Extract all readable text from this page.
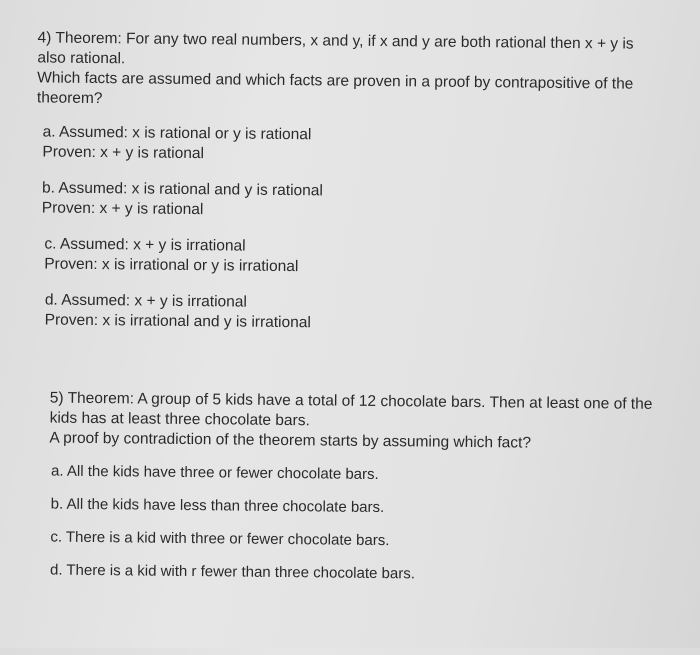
4) Theorem: For any two real numbers, x and y, if x and y are both rational then x + y is

also rational.

Which facts are assumed and which facts are proven in a proof by contrapositive of the

theorem?

a. Assumed: x is rational or y is rational

Proven: x + y is rational

b. Assumed: x is rational and y is rational

Proven: x + y is rational

c. Assumed: x + y is irrational

Proven: x is irrational or y is irrational

d. Assumed: x + y is irrational

Proven: x is irrational and y is irrational

5) Theorem: A group of 5 kids have a total of 12 chocolate bars. Then at least one of the

kids has at least three chocolate bars.

A proof by contradiction of the theorem starts by assuming which fact?

a. All the kids have three or fewer chocolate bars.

b. All the kids have less than three chocolate bars.

c. There is a kid with three or fewer chocolate bars.

d. There is a kid with r fewer than three chocolate bars.
